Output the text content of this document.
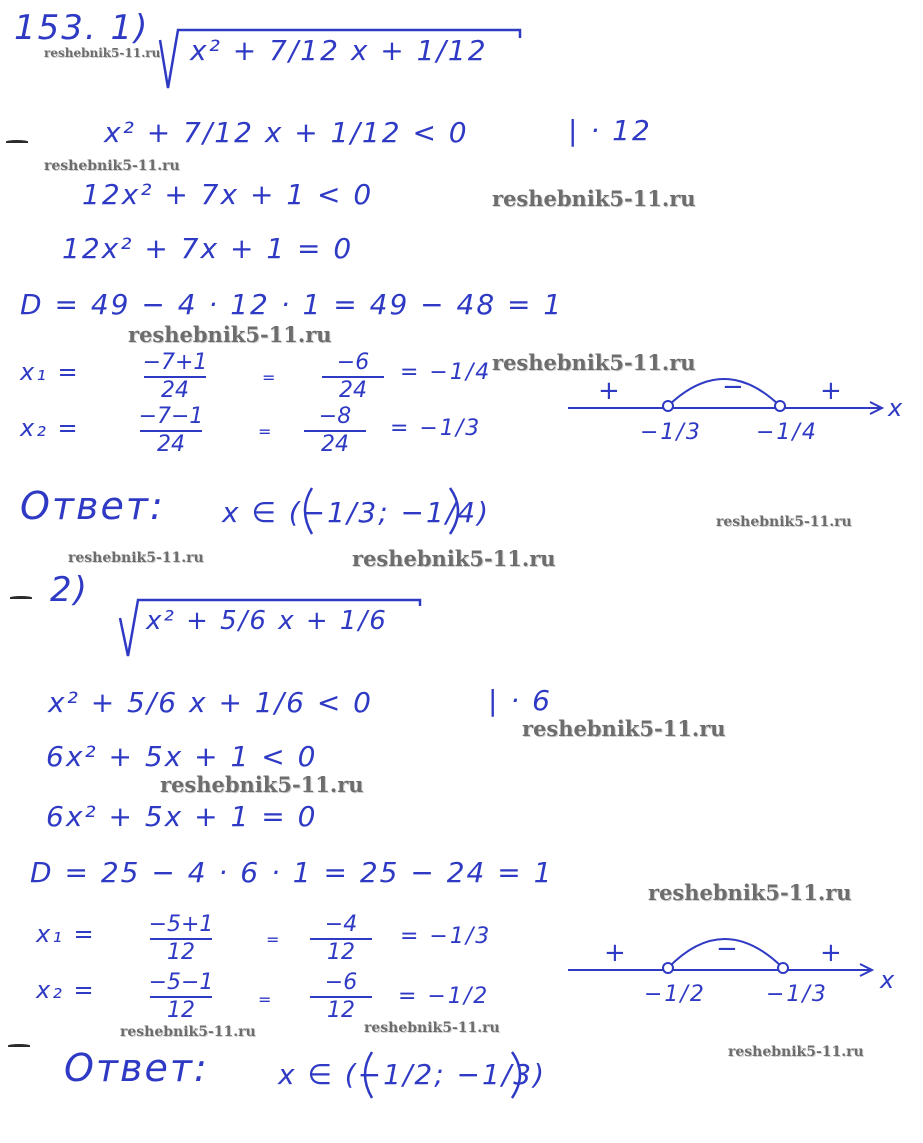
153. 1)
reshebnik5-11.ru x² + 7/12 x + 1/12
x² + 7/12 x + 1/12 < 0	| · 12
reshebnik5-11.ru
12x² + 7x + 1 < 0	reshebnik5-11.ru
12x² + 7x + 1 = 0
D = 49 − 4 · 12 · 1 = 49 − 48 = 1
reshebnik5-11.ru
x₁ =	−7+1
24
=
−6
24
= −1/4 reshebnik5-11.ru
x₂ =	−7−1
24
=
−8
24
= −1/3
+	−	+
x
−1/3 −1/4
Ответ: x ∈ (−1/3; −1/4)	reshebnik5-11.ru
reshebnik5-11.ru	reshebnik5-11.ru
2)
x² + 5/6 x + 1/6
x² + 5/6 x + 1/6 < 0	| · 6
reshebnik5-11.ru
6x² + 5x + 1 < 0
reshebnik5-11.ru
6x² + 5x + 1 = 0
D = 25 − 4 · 6 · 1 = 25 − 24 = 1
reshebnik5-11.ru
x₁ = −5+1
12
=
−4
12
= −1/3
x₂ = −5−1
12	=
−6
12
= −1/2
+	−	+
x
−1/2	−1/3
reshebnik5-11.ru	reshebnik5-11.ru
Ответ: x ∈ (−1/2; −1/3)
reshebnik5-11.ru
